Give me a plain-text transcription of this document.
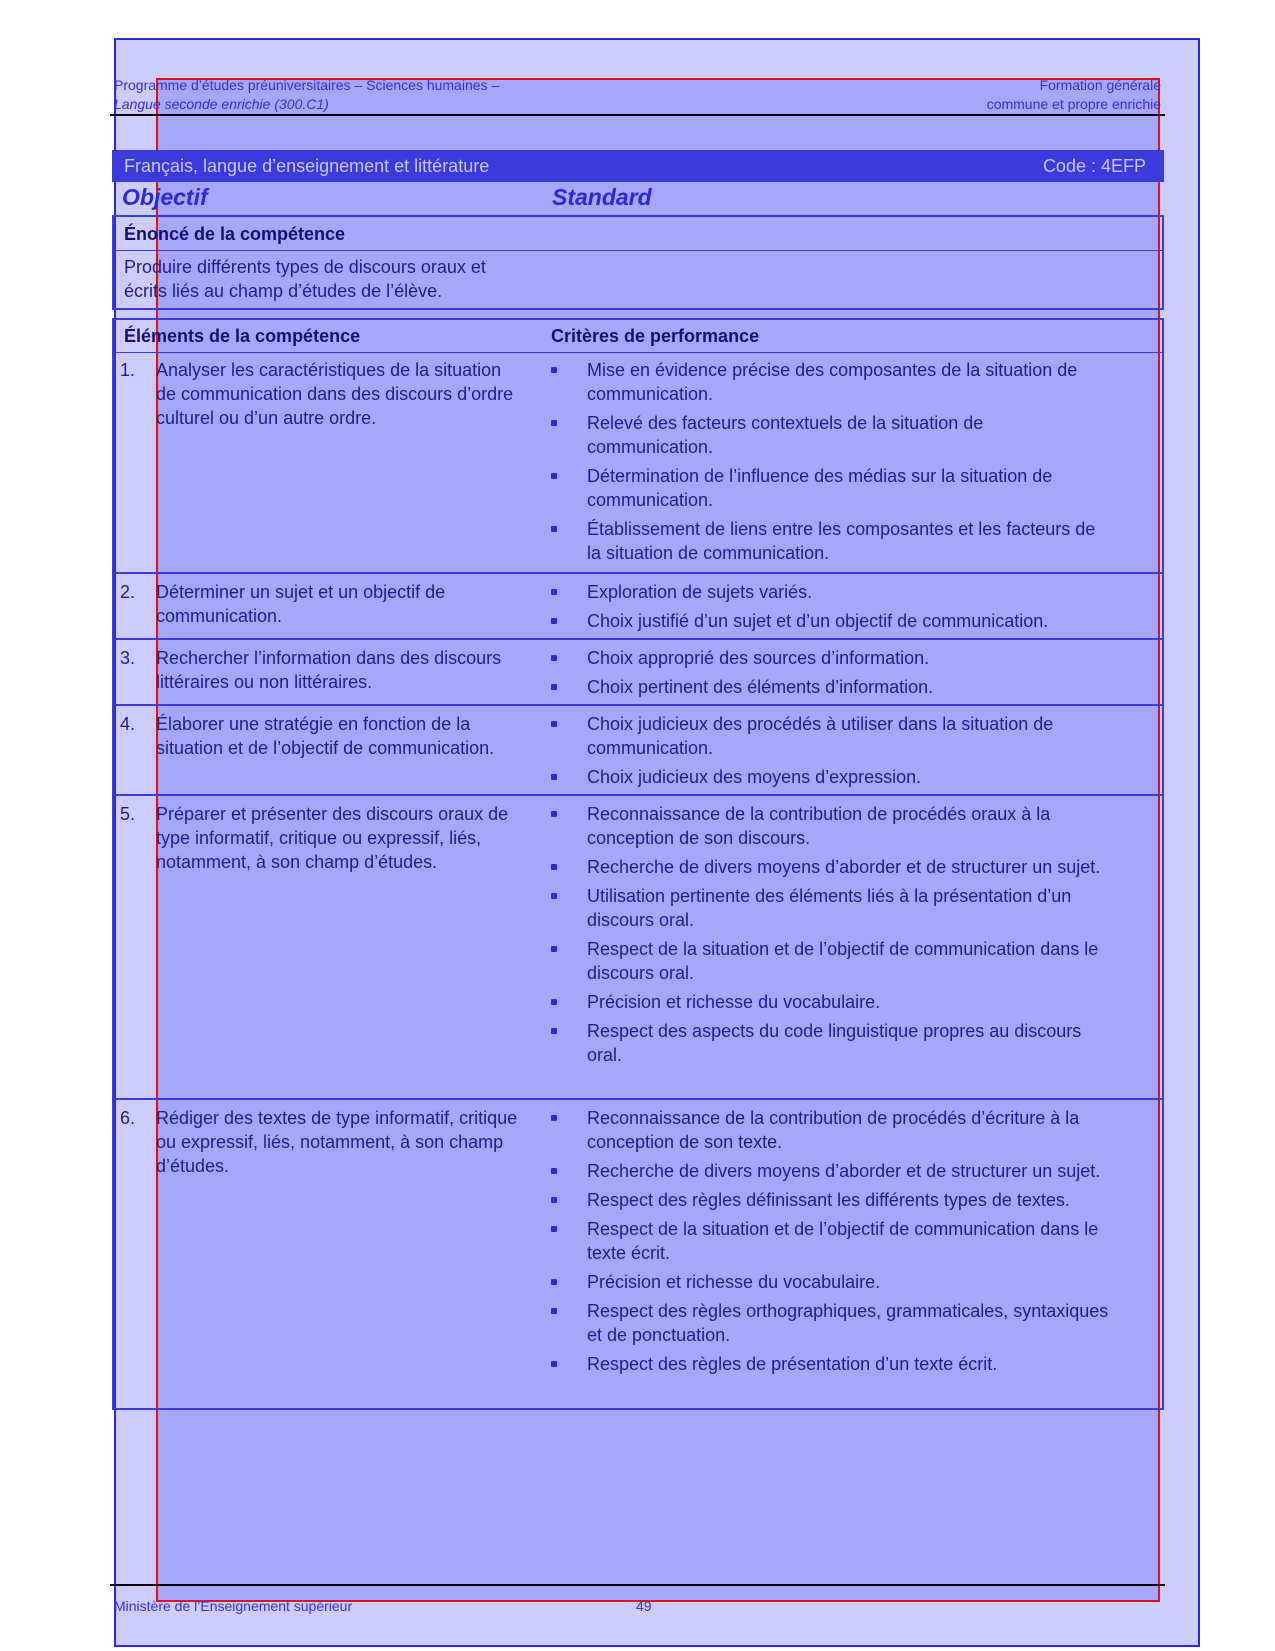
Programme d’études préuniversitaires – Sciences humaines –
Langue seconde enrichie (300.C1)
Formation générale
commune et propre enrichie
Français, langue d’enseignement et littérature	Code : 4EFP
Objectif	Standard
Énoncé de la compétence
Produire différents types de discours oraux et écrits liés au champ d’études de l’élève.
Éléments de la compétence	Critères de performance
1. Analyser les caractéristiques de la situation de communication dans des discours d’ordre culturel ou d’un autre ordre.
Mise en évidence précise des composantes de la situation de communication.
Relevé des facteurs contextuels de la situation de communication.
Détermination de l’influence des médias sur la situation de communication.
Établissement de liens entre les composantes et les facteurs de la situation de communication.
2. Déterminer un sujet et un objectif de communication.
Exploration de sujets variés.
Choix justifié d’un sujet et d’un objectif de communication.
3. Rechercher l’information dans des discours littéraires ou non littéraires.
Choix approprié des sources d’information.
Choix pertinent des éléments d’information.
4. Élaborer une stratégie en fonction de la situation et de l’objectif de communication.
Choix judicieux des procédés à utiliser dans la situation de communication.
Choix judicieux des moyens d’expression.
5. Préparer et présenter des discours oraux de type informatif, critique ou expressif, liés, notamment, à son champ d’études.
Reconnaissance de la contribution de procédés oraux à la conception de son discours.
Recherche de divers moyens d’aborder et de structurer un sujet.
Utilisation pertinente des éléments liés à la présentation d’un discours oral.
Respect de la situation et de l’objectif de communication dans le discours oral.
Précision et richesse du vocabulaire.
Respect des aspects du code linguistique propres au discours oral.
6. Rédiger des textes de type informatif, critique ou expressif, liés, notamment, à son champ d’études.
Reconnaissance de la contribution de procédés d’écriture à la conception de son texte.
Recherche de divers moyens d’aborder et de structurer un sujet.
Respect des règles définissant les différents types de textes.
Respect de la situation et de l’objectif de communication dans le texte écrit.
Précision et richesse du vocabulaire.
Respect des règles orthographiques, grammaticales, syntaxiques et de ponctuation.
Respect des règles de présentation d’un texte écrit.
Ministère de l’Enseignement supérieur	49
